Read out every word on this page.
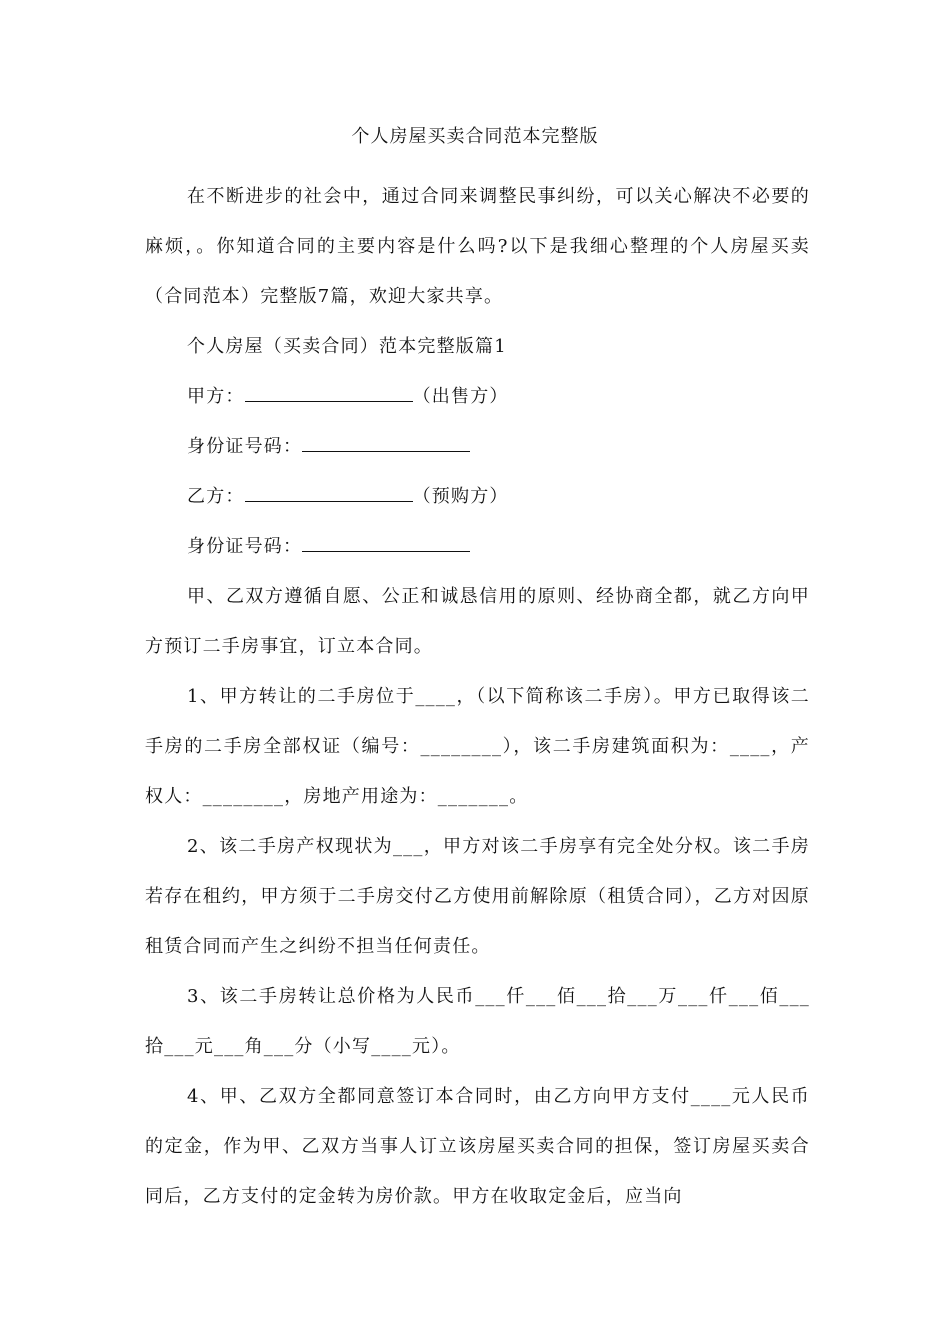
个人房屋买卖合同范本完整版

在不断进步的社会中，通过合同来调整民事纠纷，可以关心解决不必要的麻烦，。你知道合同的主要内容是什么吗?以下是我细心整理的个人房屋买卖（合同范本）完整版7篇，欢迎大家共享。

个人房屋（买卖合同）范本完整版篇1

甲方：	（出售方）

身份证号码：

乙方：	（预购方）

身份证号码：

甲、乙双方遵循自愿、公正和诚恳信用的原则、经协商全都，就乙方向甲方预订二手房事宜，订立本合同。

1、甲方转让的二手房位于____，（以下简称该二手房）。甲方已取得该二手房的二手房全部权证（编号：________），该二手房建筑面积为：____，产权人：________，房地产用途为：_______。

2、该二手房产权现状为___，甲方对该二手房享有完全处分权。该二手房若存在租约，甲方须于二手房交付乙方使用前解除原（租赁合同），乙方对因原租赁合同而产生之纠纷不担当任何责任。

3、该二手房转让总价格为人民币___仟___佰___拾___万___仟___佰___拾___元___角___分（小写____元）。

4、甲、乙双方全都同意签订本合同时，由乙方向甲方支付____元人民币的定金，作为甲、乙双方当事人订立该房屋买卖合同的担保，签订房屋买卖合同后，乙方支付的定金转为房价款。甲方在收取定金后，应当向
